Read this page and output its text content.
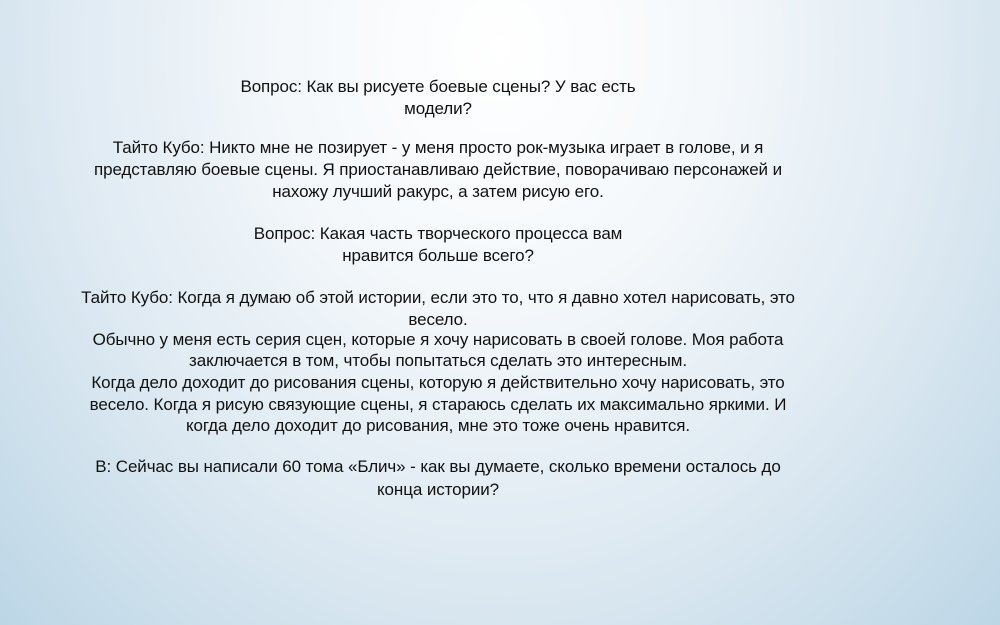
Вопрос: Как вы рисуете боевые сцены? У вас есть
модели?
Тайто Кубо: Никто мне не позирует - у меня просто рок-музыка играет в голове, и я
представляю боевые сцены. Я приостанавливаю действие, поворачиваю персонажей и
нахожу лучший ракурс, а затем рисую его.
Вопрос: Какая часть творческого процесса вам
нравится больше всего?
Тайто Кубо: Когда я думаю об этой истории, если это то, что я давно хотел нарисовать, это
весело.
Обычно у меня есть серия сцен, которые я хочу нарисовать в своей голове. Моя работа
заключается в том, чтобы попытаться сделать это интересным.
Когда дело доходит до рисования сцены, которую я действительно хочу нарисовать, это
весело. Когда я рисую связующие сцены, я стараюсь сделать их максимально яркими. И
когда дело доходит до рисования, мне это тоже очень нравится.
В: Сейчас вы написали 60 тома «Блич» - как вы думаете, сколько времени осталось до
конца истории?
